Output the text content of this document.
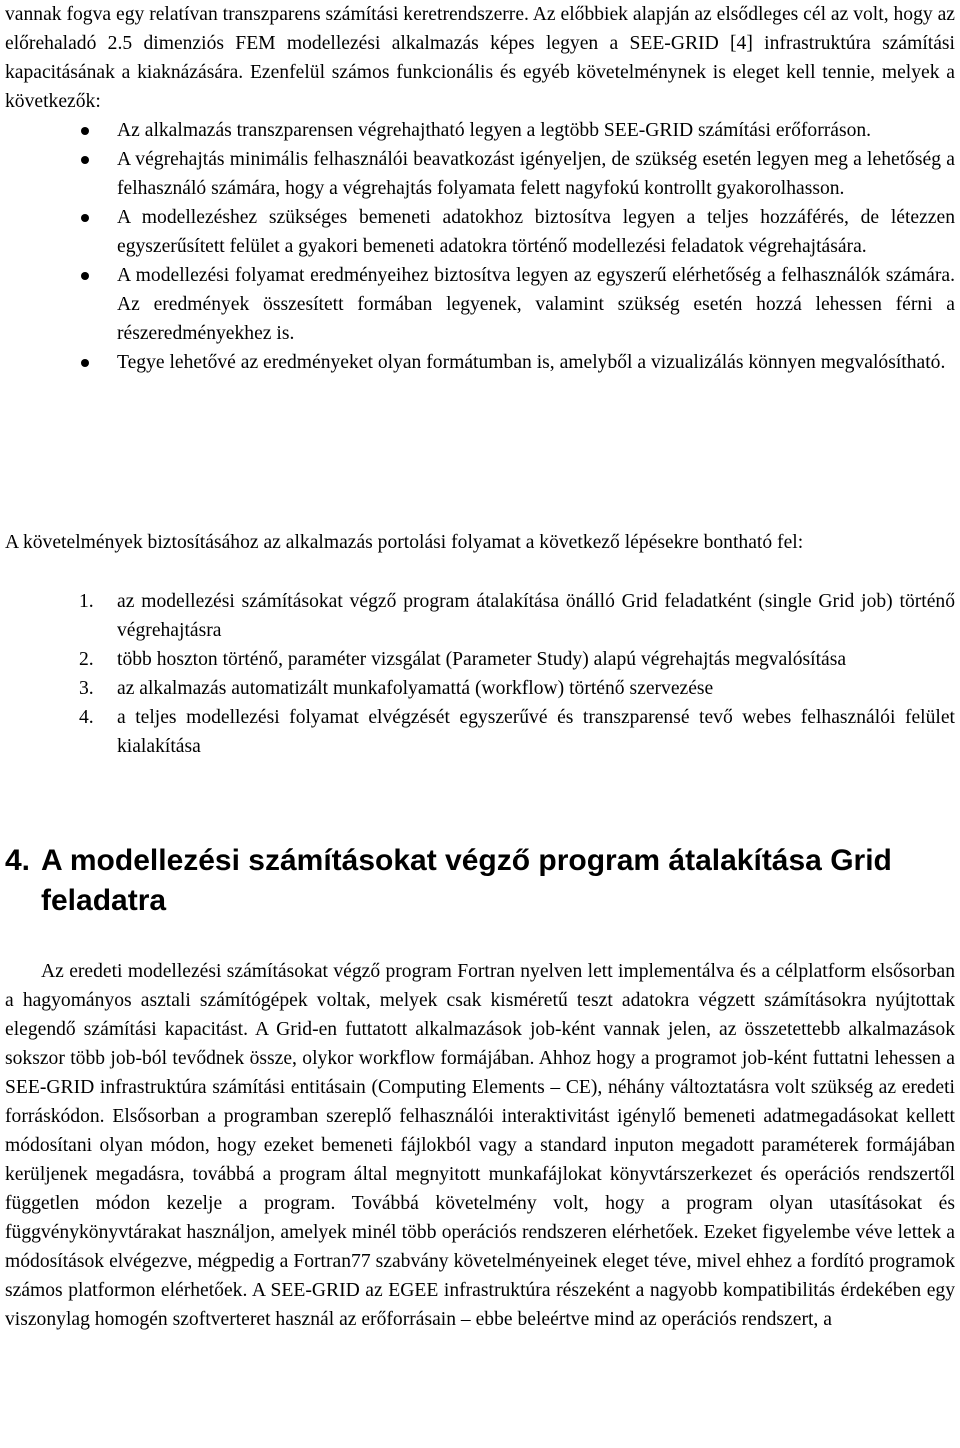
vannak fogva egy relatívan transzparens számítási keretrendszerre. Az előbbiek alapján az elsődleges cél az volt, hogy az előrehaladó 2.5 dimenziós FEM modellezési alkalmazás képes legyen a SEE-GRID [4] infrastruktúra számítási kapacitásának a kiaknázására. Ezenfelül számos funkcionális és egyéb követelménynek is eleget kell tennie, melyek a következők:

Az alkalmazás transzparensen végrehajtható legyen a legtöbb SEE-GRID számítási erőforráson.

A végrehajtás minimális felhasználói beavatkozást igényeljen, de szükség esetén legyen meg a lehetőség a felhasználó számára, hogy a végrehajtás folyamata felett nagyfokú kontrollt gyakorolhasson.

A modellezéshez szükséges bemeneti adatokhoz biztosítva legyen a teljes hozzáférés, de létezzen egyszerűsített felület a gyakori bemeneti adatokra történő modellezési feladatok végrehajtására.

A modellezési folyamat eredményeihez biztosítva legyen az egyszerű elérhetőség a felhasználók számára. Az eredmények összesített formában legyenek, valamint szükség esetén hozzá lehessen férni a részeredményekhez is.

Tegye lehetővé az eredményeket olyan formátumban is, amelyből a vizualizálás könnyen megvalósítható.

A követelmények biztosításához az alkalmazás portolási folyamat a következő lépésekre bontható fel:

1. az modellezési számításokat végző program átalakítása önálló Grid feladatként (single Grid job) történő végrehajtásra

2. több hoszton történő, paraméter vizsgálat (Parameter Study) alapú végrehajtás megvalósítása

3. az alkalmazás automatizált munkafolyamattá (workflow) történő szervezése

4. a teljes modellezési folyamat elvégzését egyszerűvé és transzparensé tevő webes felhasználói felület kialakítása

4. A modellezési számításokat végző program átalakítása Grid feladatra

Az eredeti modellezési számításokat végző program Fortran nyelven lett implementálva és a célplatform elsősorban a hagyományos asztali számítógépek voltak, melyek csak kisméretű teszt adatokra végzett számításokra nyújtottak elegendő számítási kapacitást. A Grid-en futtatott alkalmazások job-ként vannak jelen, az összetettebb alkalmazások sokszor több job-ból tevődnek össze, olykor workflow formájában. Ahhoz hogy a programot job-ként futtatni lehessen a SEE-GRID infrastruktúra számítási entitásain (Computing Elements – CE), néhány változtatásra volt szükség az eredeti forráskódon. Elsősorban a programban szereplő felhasználói interaktivitást igénylő bemeneti adatmegadásokat kellett módosítani olyan módon, hogy ezeket bemeneti fájlokból vagy a standard inputon megadott paraméterek formájában kerüljenek megadásra, továbbá a program által megnyitott munkafájlokat könyvtárszerkezet és operációs rendszertől független módon kezelje a program. Továbbá követelmény volt, hogy a program olyan utasításokat és függvénykönyvtárakat használjon, amelyek minél több operációs rendszeren elérhetőek. Ezeket figyelembe véve lettek a módosítások elvégezve, mégpedig a Fortran77 szabvány követelményeinek eleget téve, mivel ehhez a fordító programok számos platformon elérhetőek. A SEE-GRID az EGEE infrastruktúra részeként a nagyobb kompatibilitás érdekében egy viszonylag homogén szoftverteret használ az erőforrásain – ebbe beleértve mind az operációs rendszert, a
